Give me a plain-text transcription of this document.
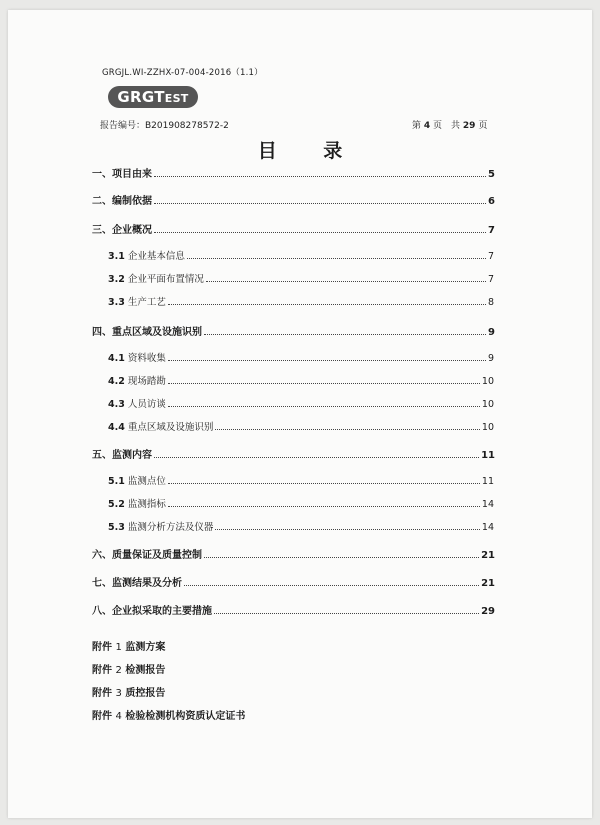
GRGJL.WI-ZZHX-07-004-2016（1.1）
GRGTEST
报告编号：B201908278572-2	第 4 页　共 29 页
目 录
一、项目由来	5
二、编制依据	6
三、企业概况	7
3.1 企业基本信息	7
3.2 企业平面布置情况	7
3.3 生产工艺	8
四、重点区域及设施识别	9
4.1 资料收集	9
4.2 现场踏勘	10
4.3 人员访谈	10
4.4 重点区域及设施识别	10
五、监测内容	11
5.1 监测点位	11
5.2 监测指标	14
5.3 监测分析方法及仪器	14
六、质量保证及质量控制	21
七、监测结果及分析	21
八、企业拟采取的主要措施	29
附件 1 监测方案
附件 2 检测报告
附件 3 质控报告
附件 4 检验检测机构资质认定证书
